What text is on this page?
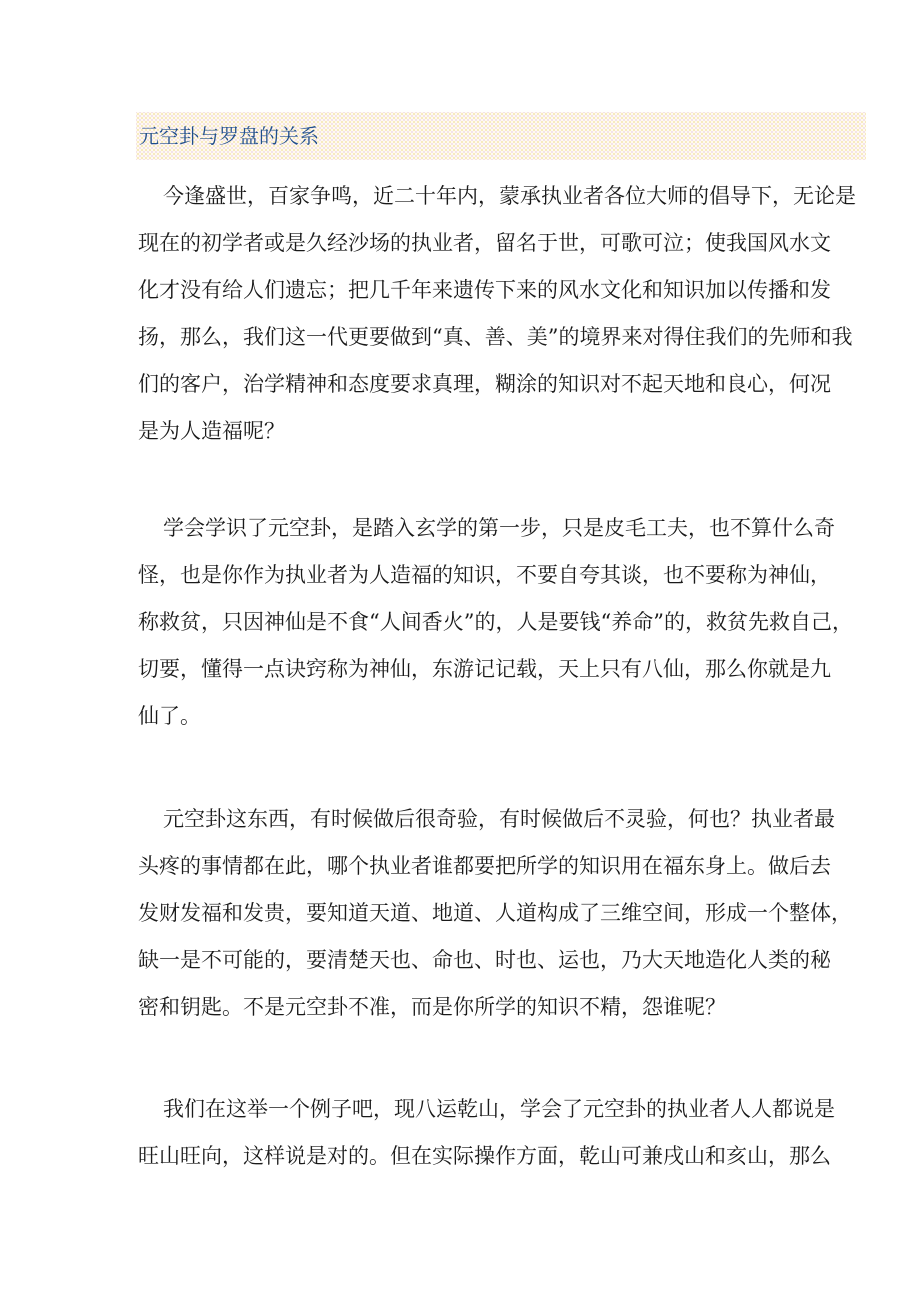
元空卦与罗盘的关系
今逢盛世，百家争鸣，近二十年内，蒙承执业者各位大师的倡导下，无论是
现在的初学者或是久经沙场的执业者，留名于世，可歌可泣；使我国风水文
化才没有给人们遗忘；把几千年来遗传下来的风水文化和知识加以传播和发
扬，那么，我们这一代更要做到“真、善、美”的境界来对得住我们的先师和我
们的客户，治学精神和态度要求真理，糊涂的知识对不起天地和良心，何况
是为人造福呢？
学会学识了元空卦，是踏入玄学的第一步，只是皮毛工夫，也不算什么奇
怪，也是你作为执业者为人造福的知识，不要自夸其谈，也不要称为神仙，
称救贫，只因神仙是不食“人间香火”的，人是要钱“养命”的，救贫先救自己，
切要，懂得一点诀窍称为神仙，东游记记载，天上只有八仙，那么你就是九
仙了。
元空卦这东西，有时候做后很奇验，有时候做后不灵验，何也？执业者最
头疼的事情都在此，哪个执业者谁都要把所学的知识用在福东身上。做后去
发财发福和发贵，要知道天道、地道、人道构成了三维空间，形成一个整体，
缺一是不可能的，要清楚天也、命也、时也、运也，乃大天地造化人类的秘
密和钥匙。不是元空卦不准，而是你所学的知识不精，怨谁呢？
我们在这举一个例子吧，现八运乾山，学会了元空卦的执业者人人都说是
旺山旺向，这样说是对的。但在实际操作方面，乾山可兼戌山和亥山，那么
